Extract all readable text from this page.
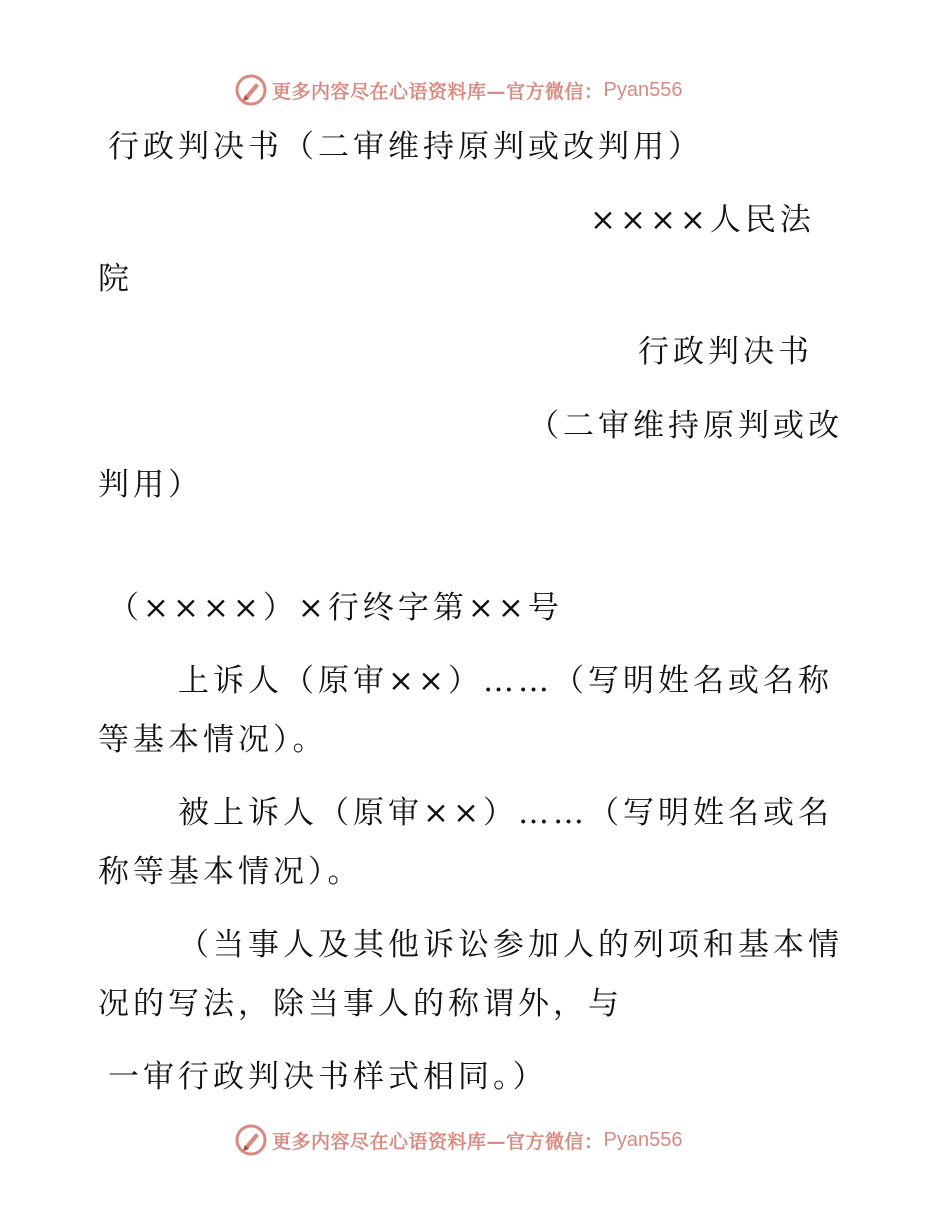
更多内容尽在心语资料库—官方微信： Pyan556
行政判决书（二审维持原判或改判用）
××××人民法
院
行政判决书
（二审维持原判或改
判用）
（××××）×行终字第××号
上诉人（原审××）……（写明姓名或名称
等基本情况）。
被上诉人（原审××）……（写明姓名或名
称等基本情况）。
（当事人及其他诉讼参加人的列项和基本情
况的写法，除当事人的称谓外，与
一审行政判决书样式相同。）
更多内容尽在心语资料库—官方微信： Pyan556
